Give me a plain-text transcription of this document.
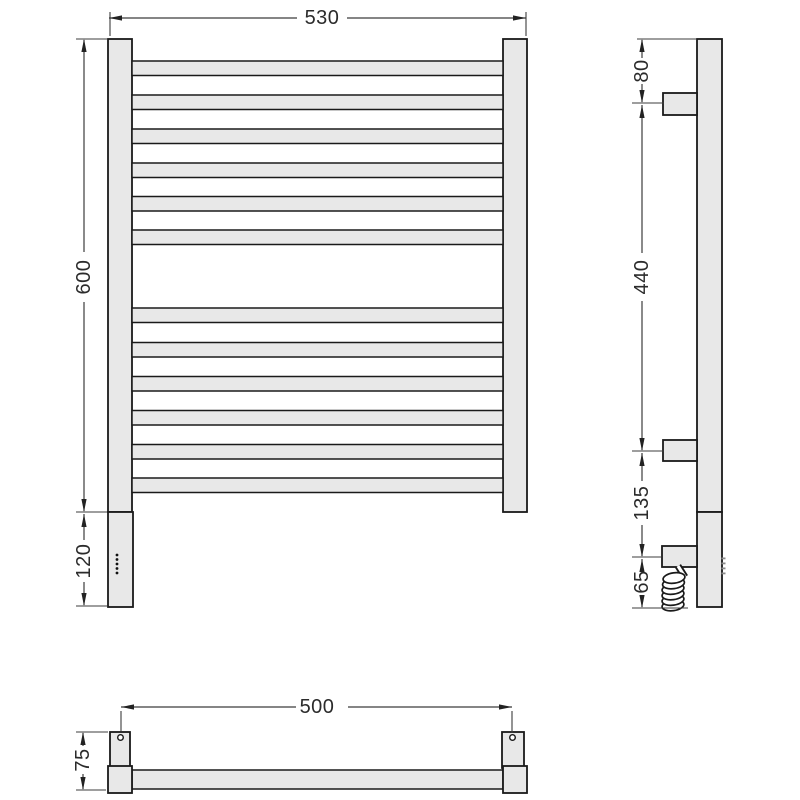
530
600
120
80
440
135
65
500
75
